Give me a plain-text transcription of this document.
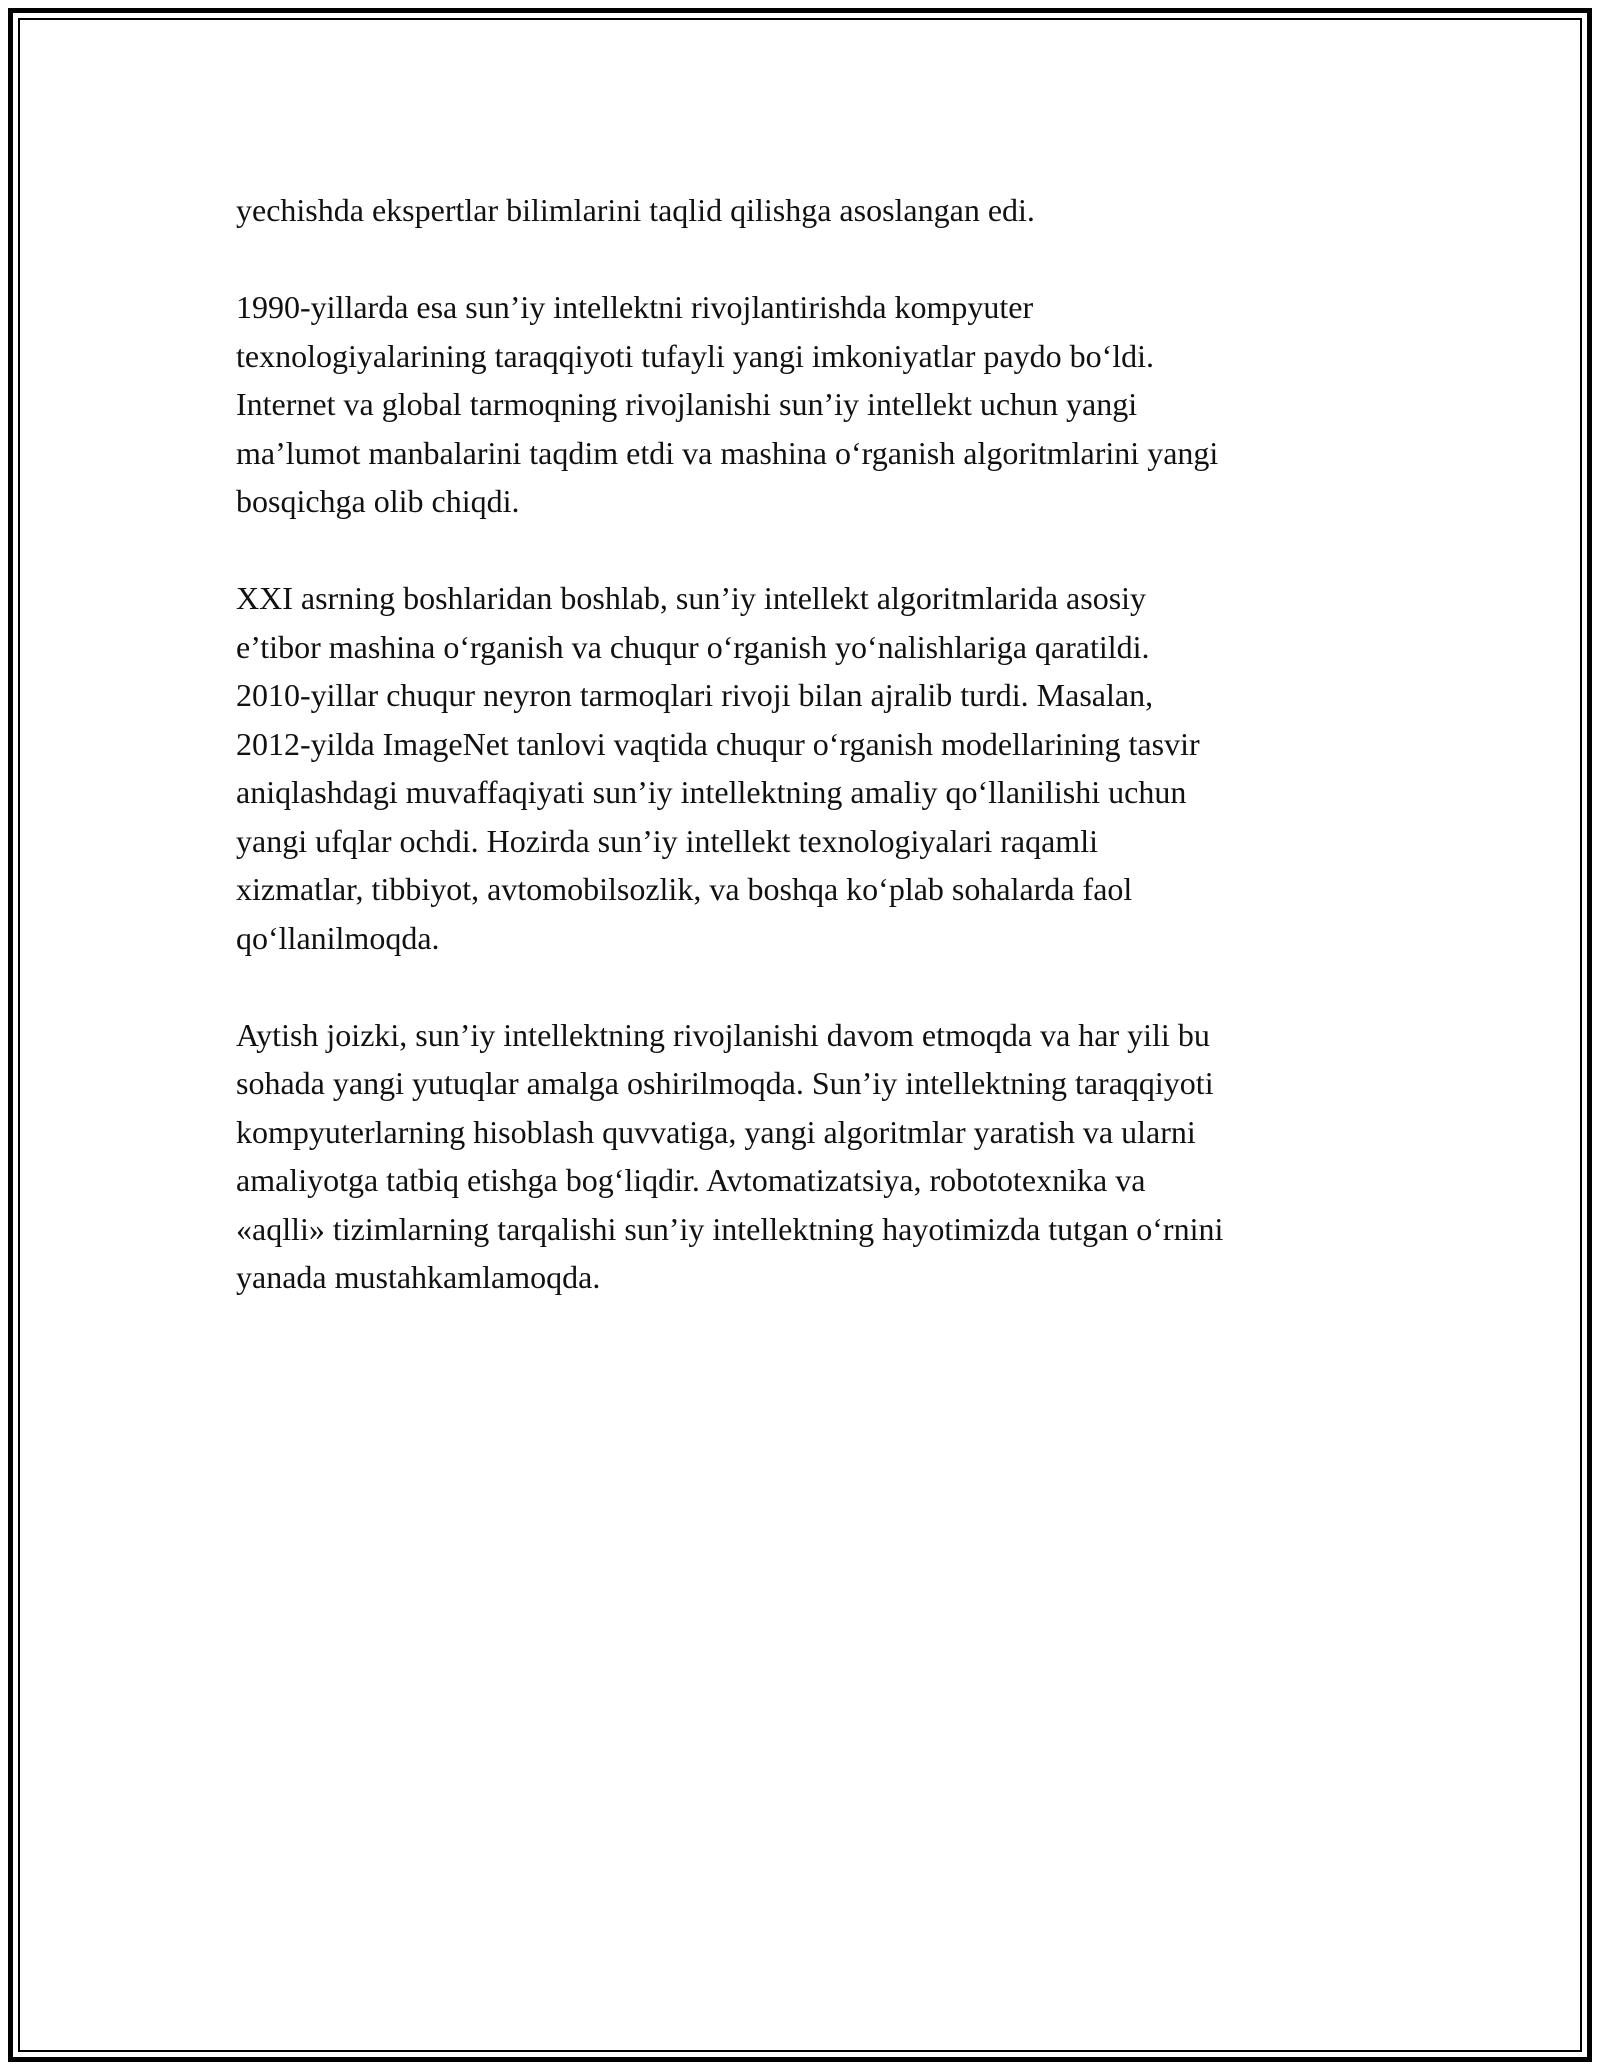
yechishda ekspertlar bilimlarini taqlid qilishga asoslangan edi.

1990-yillarda esa sun’iy intellektni rivojlantirishda kompyuter
texnologiyalarining taraqqiyoti tufayli yangi imkoniyatlar paydo boʻldi.
Internet va global tarmoqning rivojlanishi sun’iy intellekt uchun yangi
ma’lumot manbalarini taqdim etdi va mashina oʻrganish algoritmlarini yangi
bosqichga olib chiqdi.

XXI asrning boshlaridan boshlab, sun’iy intellekt algoritmlarida asosiy
e’tibor mashina oʻrganish va chuqur oʻrganish yoʻnalishlariga qaratildi.
2010-yillar chuqur neyron tarmoqlari rivoji bilan ajralib turdi. Masalan,
2012-yilda ImageNet tanlovi vaqtida chuqur oʻrganish modellarining tasvir
aniqlashdagi muvaffaqiyati sun’iy intellektning amaliy qoʻllanilishi uchun
yangi ufqlar ochdi. Hozirda sun’iy intellekt texnologiyalari raqamli
xizmatlar, tibbiyot, avtomobilsozlik, va boshqa koʻplab sohalarda faol
qoʻllanilmoqda.

Aytish joizki, sun’iy intellektning rivojlanishi davom etmoqda va har yili bu
sohada yangi yutuqlar amalga oshirilmoqda. Sun’iy intellektning taraqqiyoti
kompyuterlarning hisoblash quvvatiga, yangi algoritmlar yaratish va ularni
amaliyotga tatbiq etishga bogʻliqdir. Avtomatizatsiya, robototexnika va
«aqlli» tizimlarning tarqalishi sun’iy intellektning hayotimizda tutgan oʻrnini
yanada mustahkamlamoqda.
